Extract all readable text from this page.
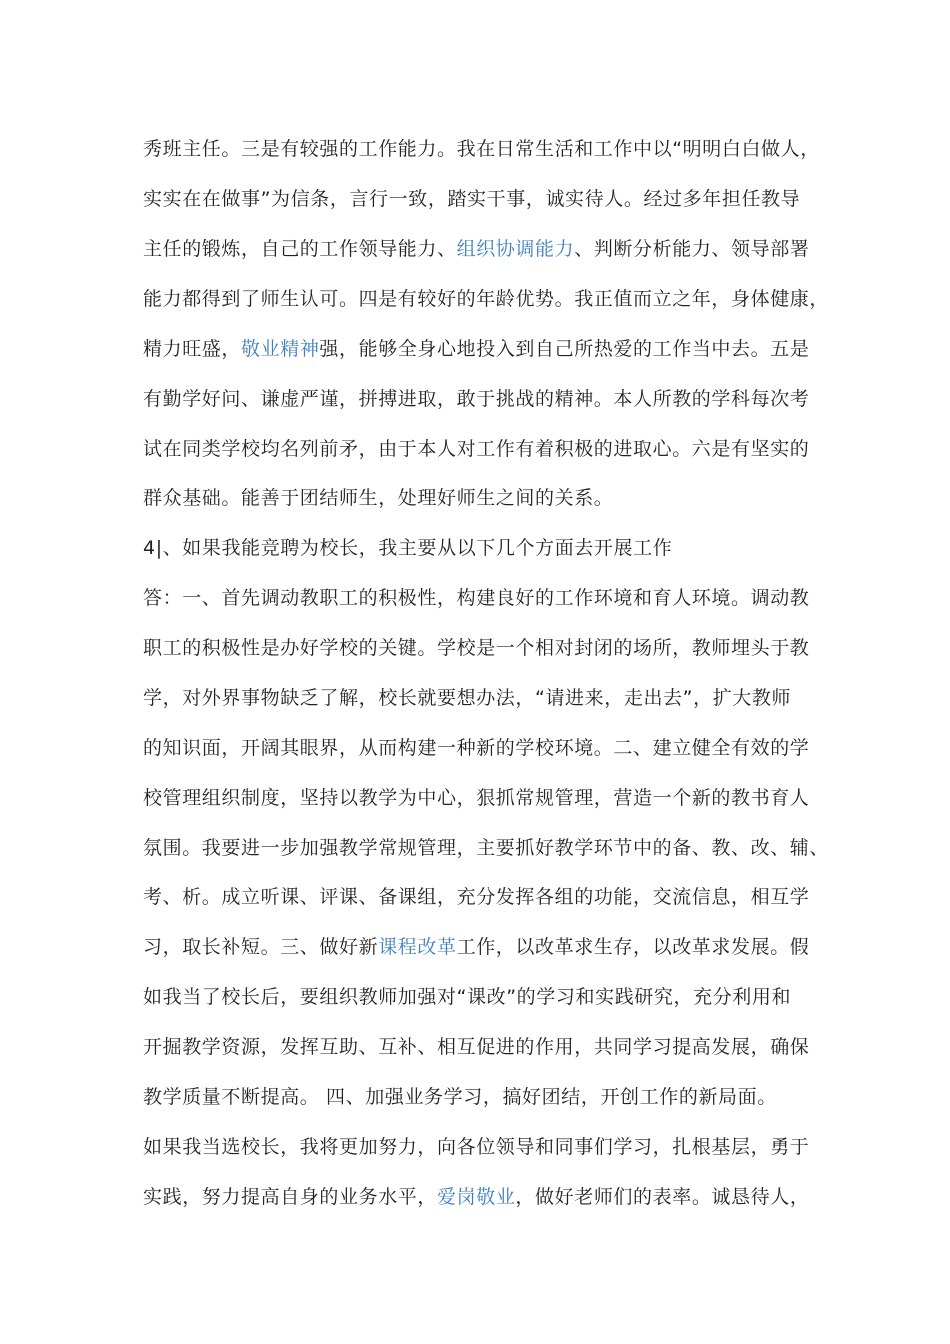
秀班主任。三是有较强的工作能力。我在日常生活和工作中以“明明白白做人，
实实在在做事”为信条，言行一致，踏实干事，诚实待人。经过多年担任教导
主任的锻炼，自己的工作领导能力、组织协调能力、判断分析能力、领导部署
能力都得到了师生认可。四是有较好的年龄优势。我正值而立之年，身体健康，
精力旺盛，敬业精神强，能够全身心地投入到自己所热爱的工作当中去。五是
有勤学好问、谦虚严谨，拼搏进取，敢于挑战的精神。本人所教的学科每次考
试在同类学校均名列前矛，由于本人对工作有着积极的进取心。六是有坚实的
群众基础。能善于团结师生，处理好师生之间的关系。
4|、如果我能竞聘为校长，我主要从以下几个方面去开展工作
答：一、首先调动教职工的积极性，构建良好的工作环境和育人环境。调动教
职工的积极性是办好学校的关键。学校是一个相对封闭的场所，教师埋头于教
学，对外界事物缺乏了解，校长就要想办法，“请进来，走出去”，扩大教师
的知识面，开阔其眼界，从而构建一种新的学校环境。二、建立健全有效的学
校管理组织制度，坚持以教学为中心，狠抓常规管理，营造一个新的教书育人
氛围。我要进一步加强教学常规管理，主要抓好教学环节中的备、教、改、辅、
考、析。成立听课、评课、备课组，充分发挥各组的功能，交流信息，相互学
习，取长补短。三、做好新课程改革工作，以改革求生存，以改革求发展。假
如我当了校长后，要组织教师加强对“课改”的学习和实践研究，充分利用和
开掘教学资源，发挥互助、互补、相互促进的作用，共同学习提高发展，确保
教学质量不断提高。 四、加强业务学习，搞好团结，开创工作的新局面。
如果我当选校长，我将更加努力，向各位领导和同事们学习，扎根基层，勇于
实践，努力提高自身的业务水平，爱岗敬业，做好老师们的表率。诚恳待人，
